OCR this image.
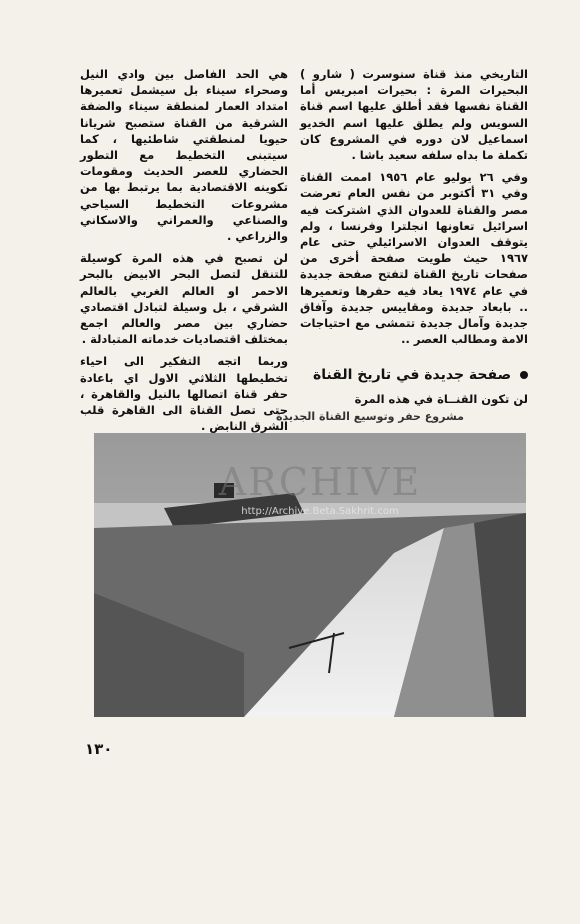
التاريخي منذ قناة سنوسرت ( شارو ) البحيرات المرة : بحيرات امبريس أما القناة نفسها فقد أطلق عليها اسم قناة السويس ولم يطلق عليها اسم الخديو اسماعيل لان دوره في المشروع كان تكملة ما بداه سلفه سعيد باشا .

وفي ٢٦ يوليو عام ١٩٥٦ اممت القناة وفي ٣١ أكتوبر من نفس العام تعرضت مصر والقناة للعدوان الذي اشتركت فيه اسرائيل تعاونها انجلترا وفرنسا ، ولم يتوقف العدوان الاسرائيلي حتى عام ١٩٦٧ حيث طويت صفحة أخرى من صفحات تاريخ القناة لتفتح صفحة جديدة في عام ١٩٧٤ يعاد فيه حفرها وتعميرها .. بابعاد جديدة ومقاييس جديدة وآفاق جديدة وآمال جديدة تتمشى مع احتياجات الامة ومطالب العصر ..

هي الحد الفاصل بين وادي النيل وصحراء سيناء بل سيشمل تعميرها امتداد العمار لمنطقة سيناء والضفة الشرقية من القناة ستصبح شريانا حيويا لمنطقتي شاطئيها ، كما سيتبنى التخطيط مع التطور الحضاري للعصر الحديث ومقومات تكوينه الاقتصادية بما يرتبط بها من مشروعات التخطيط السياحي والصناعي والعمراني والاسكاني والزراعي .

لن تصبح في هذه المرة كوسيلة للتنقل لتصل البحر الابيض بالبحر الاحمر او العالم الغربي بالعالم الشرقي ، بل وسيلة لتبادل اقتصادي حضاري بين مصر والعالم اجمع بمختلف اقتصاديات خدماته المتبادلة .

وربما اتجه التفكير الى احياء تخطيطها الثلاثي الاول اي باعادة حفر قناة اتصالها بالنيل والقاهرة ، حتى تصل القناة الى القاهرة قلب الشرق النابض .

صفحة جديدة في تاريخ القناة
لن تكون القنــاة في هذه المرة
مشروع حفر وتوسيع القناة الجديدة
ARCHIVE
http://Archive.Beta.Sakhrit.com
١٣٠
